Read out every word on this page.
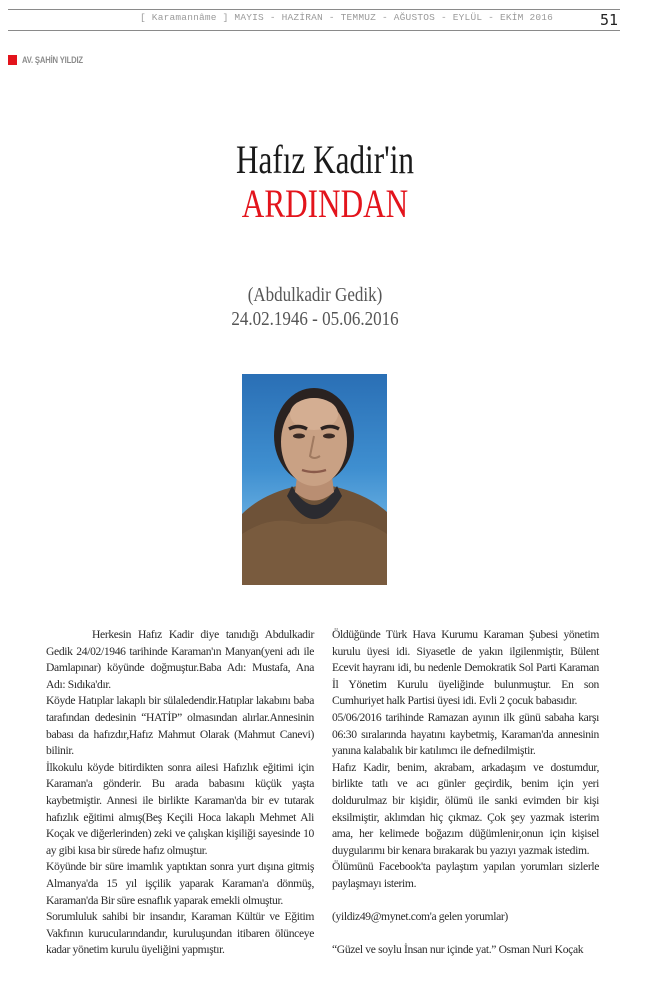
[ Karamannâme ] MAYIS - HAZİRAN - TEMMUZ - AĞUSTOS - EYLÜL - EKİM 2016	51
AV. ŞAHİN YILDIZ
Hafız Kadir'in
ARDINDAN
(Abdulkadir Gedik)
24.02.1946 - 05.06.2016

Herkesin Hafız Kadir diye tanıdığı Abdulkadir Gedik 24/02/1946 tarihinde Karaman'ın Manyan(yeni adı ile Damlapınar) köyünde doğmuştur.Baba Adı: Mustafa, Ana Adı: Sıdıka'dır.

Köyde Hatıplar lakaplı bir sülaledendir.Hatıplar lakabını baba tarafından dedesinin “HATİP” olmasından alırlar.Annesinin babası da hafızdır,Hafız Mahmut Olarak (Mahmut Canevi) bilinir.

İlkokulu köyde bitirdikten sonra ailesi Hafızlık eğitimi için Karaman'a gönderir. Bu arada babasını küçük yaşta kaybetmiştir. Annesi ile birlikte Karaman'da bir ev tutarak hafızlık eğitimi almış(Beş Keçili Hoca lakaplı Mehmet Ali Koçak ve diğerlerinden) zeki ve çalışkan kişiliği sayesinde 10 ay gibi kısa bir sürede hafız olmuştur.

Köyünde bir süre imamlık yaptıktan sonra yurt dışına gitmiş Almanya'da 15 yıl işçilik yaparak Karaman'a dönmüş, Karaman'da Bir süre esnaflık yaparak emekli olmuştur.

Sorumluluk sahibi bir insandır, Karaman Kültür ve Eğitim Vakfının kurucularındandır, kuruluşundan itibaren ölünceye kadar yönetim kurulu üyeliğini yapmıştır.

Öldüğünde Türk Hava Kurumu Karaman Şubesi yönetim kurulu üyesi idi. Siyasetle de yakın ilgilenmiştir, Bülent Ecevit hayranı idi, bu nedenle Demokratik Sol Parti Karaman İl Yönetim Kurulu üyeliğinde bulunmuştur. En son Cumhuriyet halk Partisi üyesi idi. Evli 2 çocuk babasıdır.

05/06/2016 tarihinde Ramazan ayının ilk günü sabaha karşı 06:30 sıralarında hayatını kaybetmiş, Karaman'da annesinin yanına kalabalık bir katılımcı ile defnedilmiştir.

Hafız Kadir, benim, akrabam, arkadaşım ve dostumdur, birlikte tatlı ve acı günler geçirdik, benim için yeri doldurulmaz bir kişidir, ölümü ile sanki evimden bir kişi eksilmiştir, aklımdan hiç çıkmaz. Çok şey yazmak isterim ama, her kelimede boğazım düğümlenir,onun için kişisel duygularımı bir kenara bırakarak bu yazıyı yazmak istedim.

Ölümünü Facebook'ta paylaştım yapılan yorumları sizlerle paylaşmayı isterim.

(yildiz49@mynet.com'a gelen yorumlar)

“Güzel ve soylu İnsan nur içinde yat.” Osman Nuri Koçak
